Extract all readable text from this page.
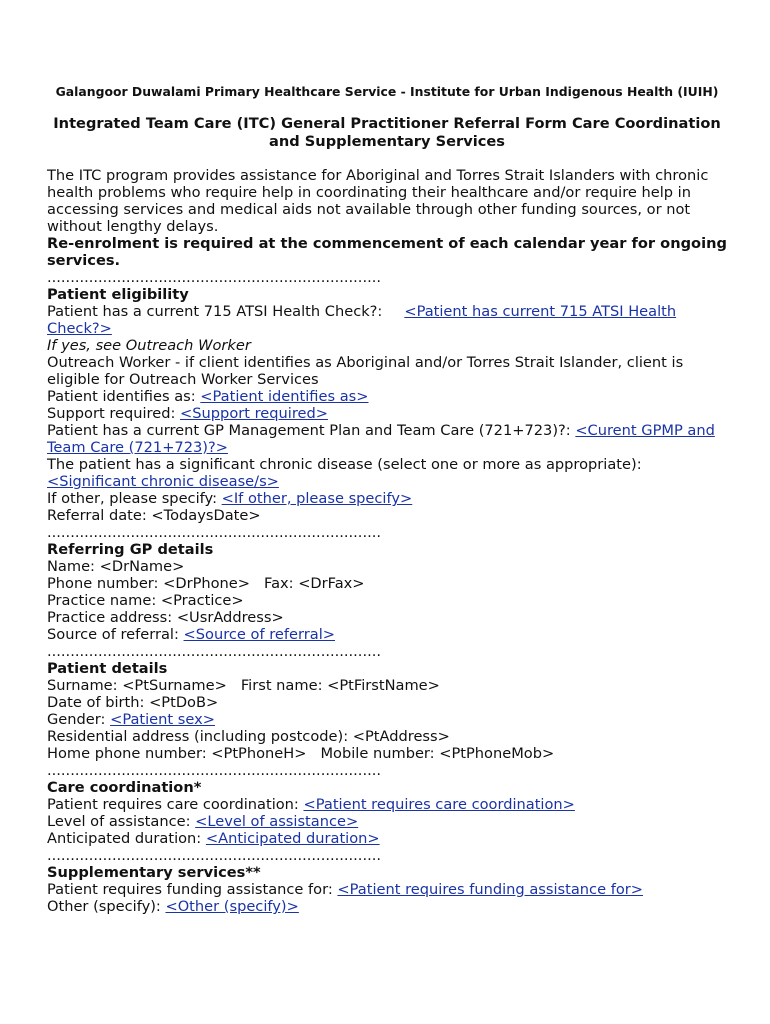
Galangoor Duwalami Primary Healthcare Service - Institute for Urban Indigenous Health (IUIH)
Integrated Team Care (ITC) General Practitioner Referral Form Care Coordination and Supplementary Services
The ITC program provides assistance for Aboriginal and Torres Strait Islanders with chronic health problems who require help in coordinating their healthcare and/or require help in accessing services and medical aids not available through other funding sources, or not without lengthy delays.
Re-enrolment is required at the commencement of each calendar year for ongoing services.
........................................................................
Patient eligibility
Patient has a current 715 ATSI Health Check?: <Patient has current 715 ATSI Health Check?>
If yes, see Outreach Worker
Outreach Worker - if client identifies as Aboriginal and/or Torres Strait Islander, client is eligible for Outreach Worker Services
Patient identifies as: <Patient identifies as>
Support required: <Support required>
Patient has a current GP Management Plan and Team Care (721+723)?: <Curent GPMP and Team Care (721+723)?>
The patient has a significant chronic disease (select one or more as appropriate):
<Significant chronic disease/s>
If other, please specify: <If other, please specify>
Referral date: <TodaysDate>
........................................................................
Referring GP details
Name: <DrName>
Phone number: <DrPhone> Fax: <DrFax>
Practice name: <Practice>
Practice address: <UsrAddress>
Source of referral: <Source of referral>
........................................................................
Patient details
Surname: <PtSurname> First name: <PtFirstName>
Date of birth: <PtDoB>
Gender: <Patient sex>
Residential address (including postcode): <PtAddress>
Home phone number: <PtPhoneH> Mobile number: <PtPhoneMob>
........................................................................
Care coordination*
Patient requires care coordination: <Patient requires care coordination>
Level of assistance: <Level of assistance>
Anticipated duration: <Anticipated duration>
........................................................................
Supplementary services**
Patient requires funding assistance for: <Patient requires funding assistance for>
Other (specify): <Other (specify)>
